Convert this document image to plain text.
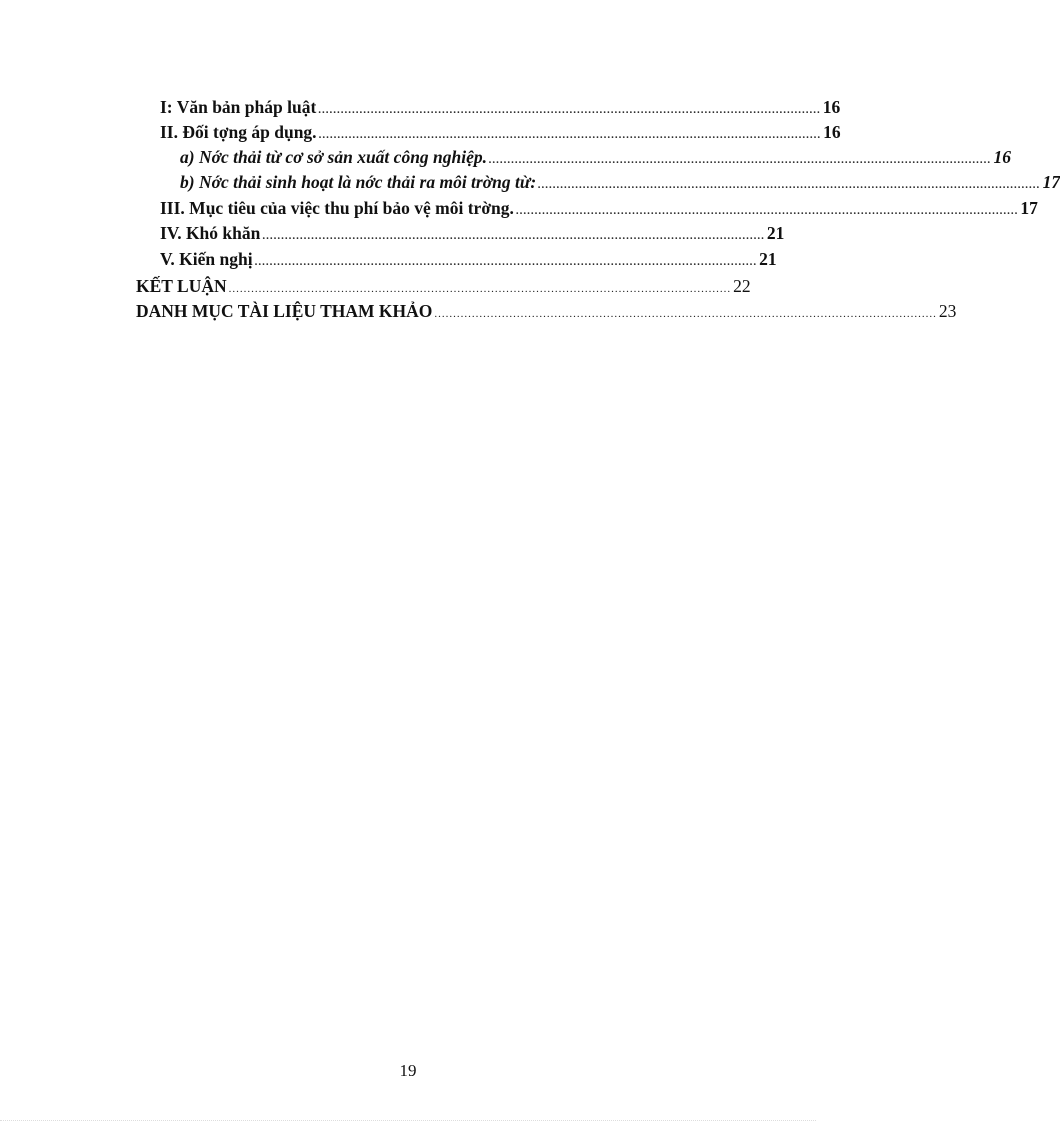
I: Văn bản pháp luật ...................................................................................................................................... 16
II. Đối tợng áp dụng. ...................................................................................................................................... 16
a) Nớc thải từ cơ sở sản xuất công nghiệp. ...................................................................................................................................... 16
b) Nớc thải sinh hoạt là nớc thải ra môi trờng từ: ...................................................................................................................................... 17
III. Mục tiêu của việc thu phí bảo vệ môi trờng. ...................................................................................................................................... 17
IV. Khó khăn ...................................................................................................................................... 21
V. Kiến nghị ...................................................................................................................................... 21
KẾT LUẬN ...................................................................................................................................... 22
DANH MỤC TÀI LIỆU THAM KHẢO ...................................................................................................................................... 23
19
